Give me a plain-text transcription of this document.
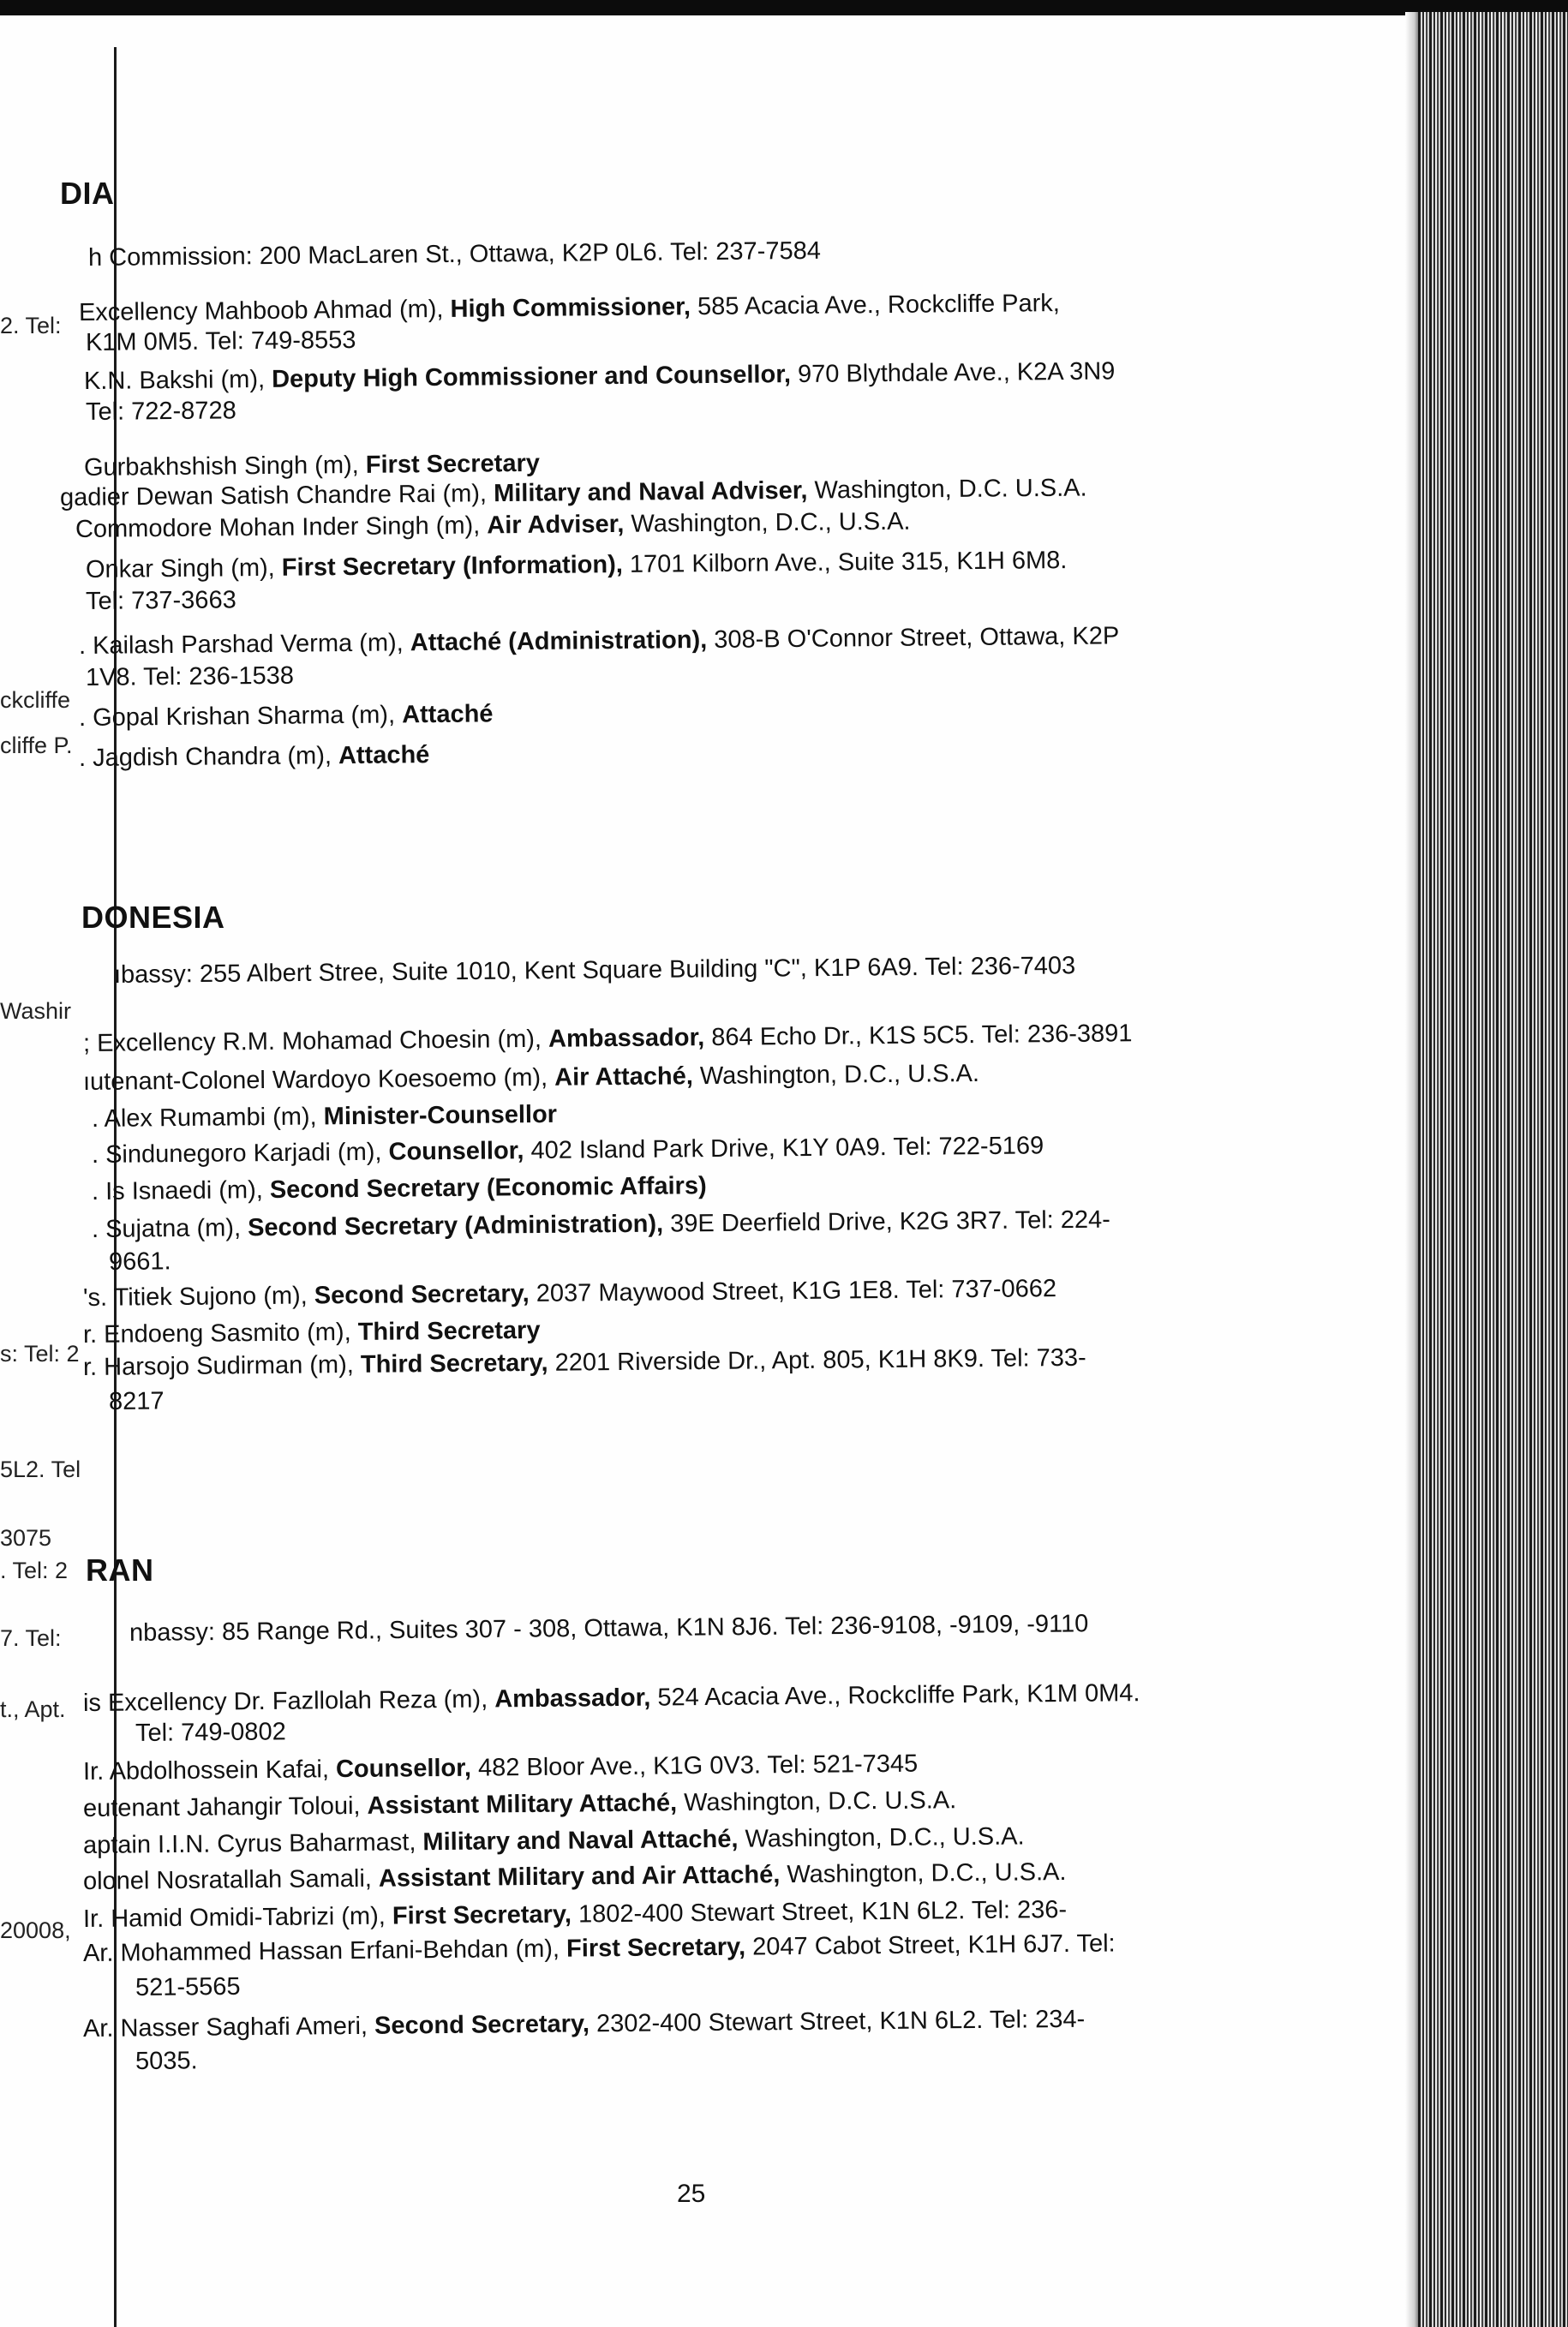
DIA
h Commission: 200 MacLaren St., Ottawa, K2P 0L6. Tel: 237-7584
Excellency Mahboob Ahmad (m), High Commissioner, 585 Acacia Ave., Rockcliffe Park,
K1M 0M5. Tel: 749-8553
K.N. Bakshi (m), Deputy High Commissioner and Counsellor, 970 Blythdale Ave., K2A 3N9
Tel: 722-8728
Gurbakhshish Singh (m), First Secretary
gadier Dewan Satish Chandre Rai (m), Military and Naval Adviser, Washington, D.C. U.S.A.
Commodore Mohan Inder Singh (m), Air Adviser, Washington, D.C., U.S.A.
Onkar Singh (m), First Secretary (Information), 1701 Kilborn Ave., Suite 315, K1H 6M8.
Tel: 737-3663
. Kailash Parshad Verma (m), Attaché (Administration), 308-B O'Connor Street, Ottawa, K2P
1V8. Tel: 236-1538
. Gopal Krishan Sharma (m), Attaché
. Jagdish Chandra (m), Attaché
DONESIA
ıbassy: 255 Albert Stree, Suite 1010, Kent Square Building "C", K1P 6A9. Tel: 236-7403
; Excellency R.M. Mohamad Choesin (m), Ambassador, 864 Echo Dr., K1S 5C5. Tel: 236-3891
ıutenant-Colonel Wardoyo Koesoemo (m), Air Attaché, Washington, D.C., U.S.A.
. Alex Rumambi (m), Minister-Counsellor
. Sindunegoro Karjadi (m), Counsellor, 402 Island Park Drive, K1Y 0A9. Tel: 722-5169
. Is Isnaedi (m), Second Secretary (Economic Affairs)
. Sujatna (m), Second Secretary (Administration), 39E Deerfield Drive, K2G 3R7. Tel: 224-
9661.
's. Titiek Sujono (m), Second Secretary, 2037 Maywood Street, K1G 1E8. Tel: 737-0662
r. Endoeng Sasmito (m), Third Secretary
r. Harsojo Sudirman (m), Third Secretary, 2201 Riverside Dr., Apt. 805, K1H 8K9. Tel: 733-
8217
RAN
nbassy: 85 Range Rd., Suites 307 - 308, Ottawa, K1N 8J6. Tel: 236-9108, -9109, -9110
is Excellency Dr. Fazllolah Reza (m), Ambassador, 524 Acacia Ave., Rockcliffe Park, K1M 0M4.
Tel: 749-0802
Ir. Abdolhossein Kafai, Counsellor, 482 Bloor Ave., K1G 0V3. Tel: 521-7345
eutenant Jahangir Toloui, Assistant Military Attaché, Washington, D.C. U.S.A.
aptain I.I.N. Cyrus Baharmast, Military and Naval Attaché, Washington, D.C., U.S.A.
olonel Nosratallah Samali, Assistant Military and Air Attaché, Washington, D.C., U.S.A.
Ir. Hamid Omidi-Tabrizi (m), First Secretary, 1802-400 Stewart Street, K1N 6L2. Tel: 236-
Ar. Mohammed Hassan Erfani-Behdan (m), First Secretary, 2047 Cabot Street, K1H 6J7. Tel:
521-5565
Ar. Nasser Saghafi Ameri, Second Secretary, 2302-400 Stewart Street, K1N 6L2. Tel: 234-
5035.
2. Tel:
ckcliffe
cliffe P.
Washir
s: Tel: 2
5L2. Tel
3075
. Tel: 2
7. Tel:
t., Apt.
20008,
25
